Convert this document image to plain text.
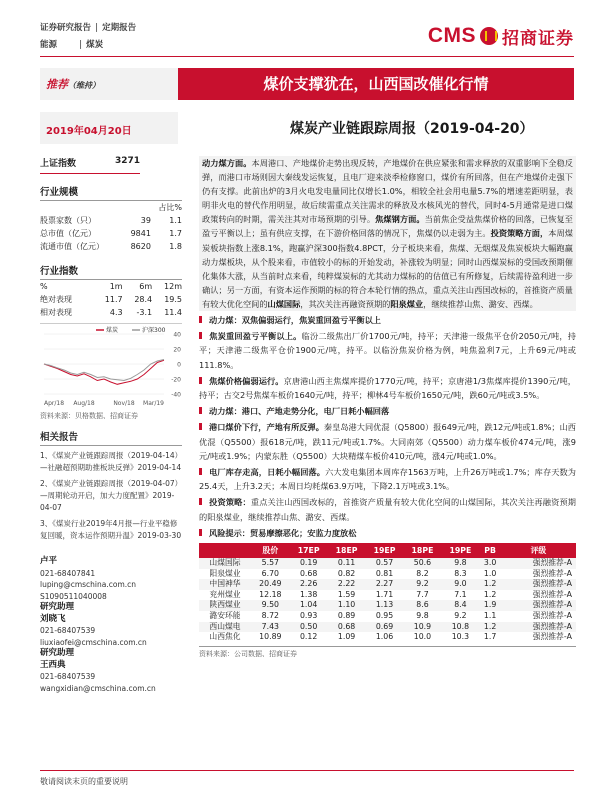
证券研究报告 | 定期报告
能源	| 煤炭	CMS 招商证券
推荐（维持）	煤价支撑犹在，山西国改催化行情
2019年04月20日	煤炭产业链跟踪周报（2019-04-20）
上证指数	3271
行业规模
		占比%
股票家数（只）	39	1.1
总市值（亿元）	9841	1.7
流通市值（亿元）	8620	1.8
行业指数
%	1m	6m	12m
绝对表现	11.7	28.4	19.5
相对表现	4.3	-3.1	11.4
40
20
0
-20
-40
Apr/18 Aug/18	Nov/18 Mar/19
煤炭	沪深300
资料来源：贝格数据、招商证券
相关报告
1、《煤炭产业链跟踪周报（2019-04-14）—社融超预期助推板块反弹》2019-04-14
2、《煤炭产业链跟踪周报（2019-04-07）—周期轮动开启，加大力度配置》2019-04-07
3、《煤炭行业2019年4月报—行业平稳修复回暖，资本运作预期升温》2019-03-30
卢平
021-68407841
luping@cmschina.com.cn
S1090511040008
研究助理
刘晓飞
021-68407539
liuxiaofei@cmschina.com.cn
研究助理
王西典
021-68407539
wangxidian@cmschina.com.cn
动力煤方面。本周港口、产地煤价走势出现反转，产地煤价在供应紧张和需求释放的双重影响下全稳反弹，而港口市场则因大秦线发运恢复，且电厂迎来淡季检修窗口，煤价有所回落，但在产地煤价走强下仍有支撑。此前出炉的3月火电发电量同比仅增长1.0%，相较全社会用电量5.7%的增速差距明显，表明非火电的替代作用明显，故后续需重点关注需求的释放及水核风光的替代，同时4-5月通常是进口煤政策转向的时期，需关注其对市场预期的引导。焦煤钢方面。当前焦企受益焦煤价格的回落，已恢复至盈亏平衡以上；虽有供应支撑，在下游价格回落的情况下，焦煤仍以走弱为主。投资策略方面，本周煤炭板块指数上涨8.1%，跑赢沪深300指数4.8PCT，分子板块来看，焦煤、无烟煤及焦炭板块大幅跑赢动力煤板块，从个股来看，市值较小的标的开始发动，补涨较为明显；同时山西煤炭标的受国改预期催化集体大涨，从当前时点来看，纯粹煤炭标的尤其动力煤标的的估值已有所修复，后续需待盈利进一步确认；另一方面，有资本运作预期的标的符合本轮行情的热点，重点关注山西国改标的，首推资产质量有较大优化空间的山煤国际，其次关注再融资预期的阳泉煤业，继续推荐山焦、潞安、西煤。
动力煤：双焦偏弱运行，焦炭重回盈亏平衡以上
焦炭重回盈亏平衡以上。临汾二级焦出厂价1700元/吨，持平；天津港一级焦平仓价2050元/吨，持平；天津港二级焦平仓价1900元/吨，持平。以临汾焦炭价格为例，吨焦盈利7元，上升69元/吨或111.8%。
焦煤价格偏弱运行。京唐港山西主焦煤库提价1770元/吨，持平；京唐港1/3焦煤库提价1390元/吨，持平；古交2号焦煤车板价1640元/吨，持平；柳林4号车板价1650元/吨，跌60元/吨或3.5%。
动力煤：港口、产地走势分化，电厂日耗小幅回落
港口煤价下行，产地有所反弹。秦皇岛港大同优混（Q5800）报649元/吨，跌12元/吨或1.8%；山西优混（Q5500）报618元/吨，跌11元/吨或1.7%。大同南郊（Q5500）动力煤车板价474元/吨，涨9元/吨或1.9%；内蒙东胜（Q5500）大块精煤车板价410元/吨，涨4元/吨或1.0%。
电厂库存走高，日耗小幅回落。六大发电集团本周库存1563万吨，上升26万吨或1.7%；库存天数为25.4天，上升3.2天；本周日均耗煤63.9万吨，下降2.1万吨或3.1%。
投资策略：重点关注山西国改标的，首推资产质量有较大优化空间的山煤国际，其次关注再融资预期的阳泉煤业，继续推荐山焦、潞安、西煤。
风险提示：贸易摩擦恶化；安监力度放松
	股价	17EP	18EP	19EP	18PE	19PE	PB	评级
山煤国际	5.57	0.19	0.11	0.57	50.6	9.8	3.0	强烈推荐-A
阳泉煤业	6.70	0.68	0.82	0.81	8.2	8.3	1.0	强烈推荐-A
中国神华	20.49	2.26	2.22	2.27	9.2	9.0	1.2	强烈推荐-A
兖州煤业	12.18	1.38	1.59	1.71	7.7	7.1	1.2	强烈推荐-A
陕西煤业	9.50	1.04	1.10	1.13	8.6	8.4	1.9	强烈推荐-A
潞安环能	8.72	0.93	0.89	0.95	9.8	9.2	1.1	强烈推荐-A
西山煤电	7.43	0.50	0.68	0.69	10.9	10.8	1.2	强烈推荐-A
山西焦化	10.89	0.12	1.09	1.06	10.0	10.3	1.7	强烈推荐-A
资料来源：公司数据、招商证券
敬请阅读末页的重要说明
